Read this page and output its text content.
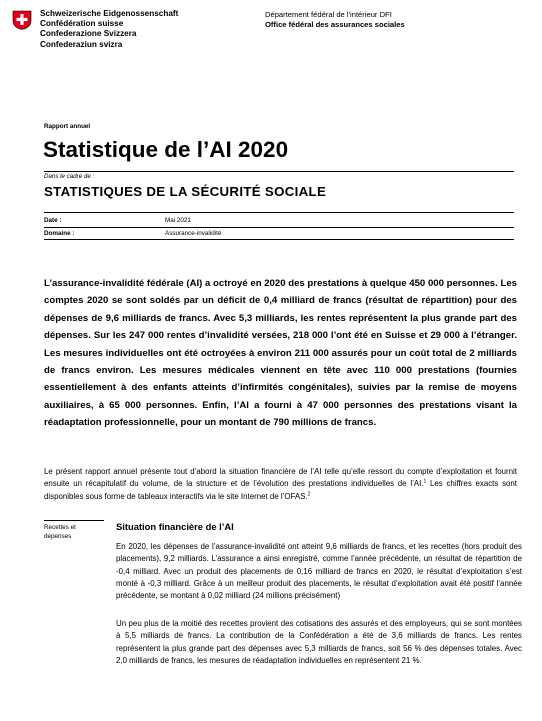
Schweizerische Eidgenossenschaft
Confédération suisse
Confederazione Svizzera
Confederaziun svizra
Département fédéral de l'intérieur DFI
Office fédéral des assurances sociales
Rapport annuel
Statistique de l’AI 2020
Dans le cadre de :
STATISTIQUES DE LA SÉCURITÉ SOCIALE
Date :	Mai 2021
Domaine :	Assurance-invalidité

L’assurance-invalidité fédérale (AI) a octroyé en 2020 des prestations à quelque 450 000 personnes. Les comptes 2020 se sont soldés par un déficit de 0,4 milliard de francs (résultat de répartition) pour des dépenses de 9,6 milliards de francs. Avec 5,3 milliards, les rentes représentent la plus grande part des dépenses. Sur les 247 000 rentes d’invalidité versées, 218 000 l’ont été en Suisse et 29 000 à l’étranger. Les mesures individuelles ont été octroyées à environ 211 000 assurés pour un coût total de 2 milliards de francs environ. Les mesures médicales viennent en tête avec 110 000 prestations (fournies essentiellement à des enfants atteints d’infirmités congénitales), suivies par la remise de moyens auxiliaires, à 65 000 personnes. Enfin, l’AI a fourni à 47 000 personnes des prestations visant la réadaptation professionnelle, pour un montant de 790 millions de francs.

Le présent rapport annuel présente tout d’abord la situation financière de l’AI telle qu’elle ressort du compte d’exploitation et fournit ensuite un récapitulatif du volume, de la structure et de l’évolution des prestations individuelles de l’AI.$^1$ Les chiffres exacts sont disponibles sous forme de tableaux interactifs via le site Internet de l’OFAS.$^2$

Recettes et dépenses
Situation financière de l’AI

En 2020, les dépenses de l’assurance-invalidité ont atteint 9,6 milliards de francs, et les recettes (hors produit des placements), 9,2 milliards. L’assurance a ainsi enregistré, comme l’année précédente, un résultat de répartition de -0,4 milliard. Avec un produit des placements de 0,16 milliard de francs en 2020, le résultat d’exploitation s’est monté à -0,3 milliard. Grâce à un meilleur produit des placements, le résultat d’exploitation avait été positif l’année précédente, se montant à 0,02 milliard (24 millions précisément)

Un peu plus de la moitié des recettes provient des cotisations des assurés et des employeurs, qui se sont montées à 5,5 milliards de francs. La contribution de la Confédération a été de 3,6 milliards de francs. Les rentes représentent la plus grande part des dépenses avec 5,3 milliards de francs, soit 56 % des dépenses totales. Avec 2,0 milliards de francs, les mesures de réadaptation individuelles en représentent 21 %.
